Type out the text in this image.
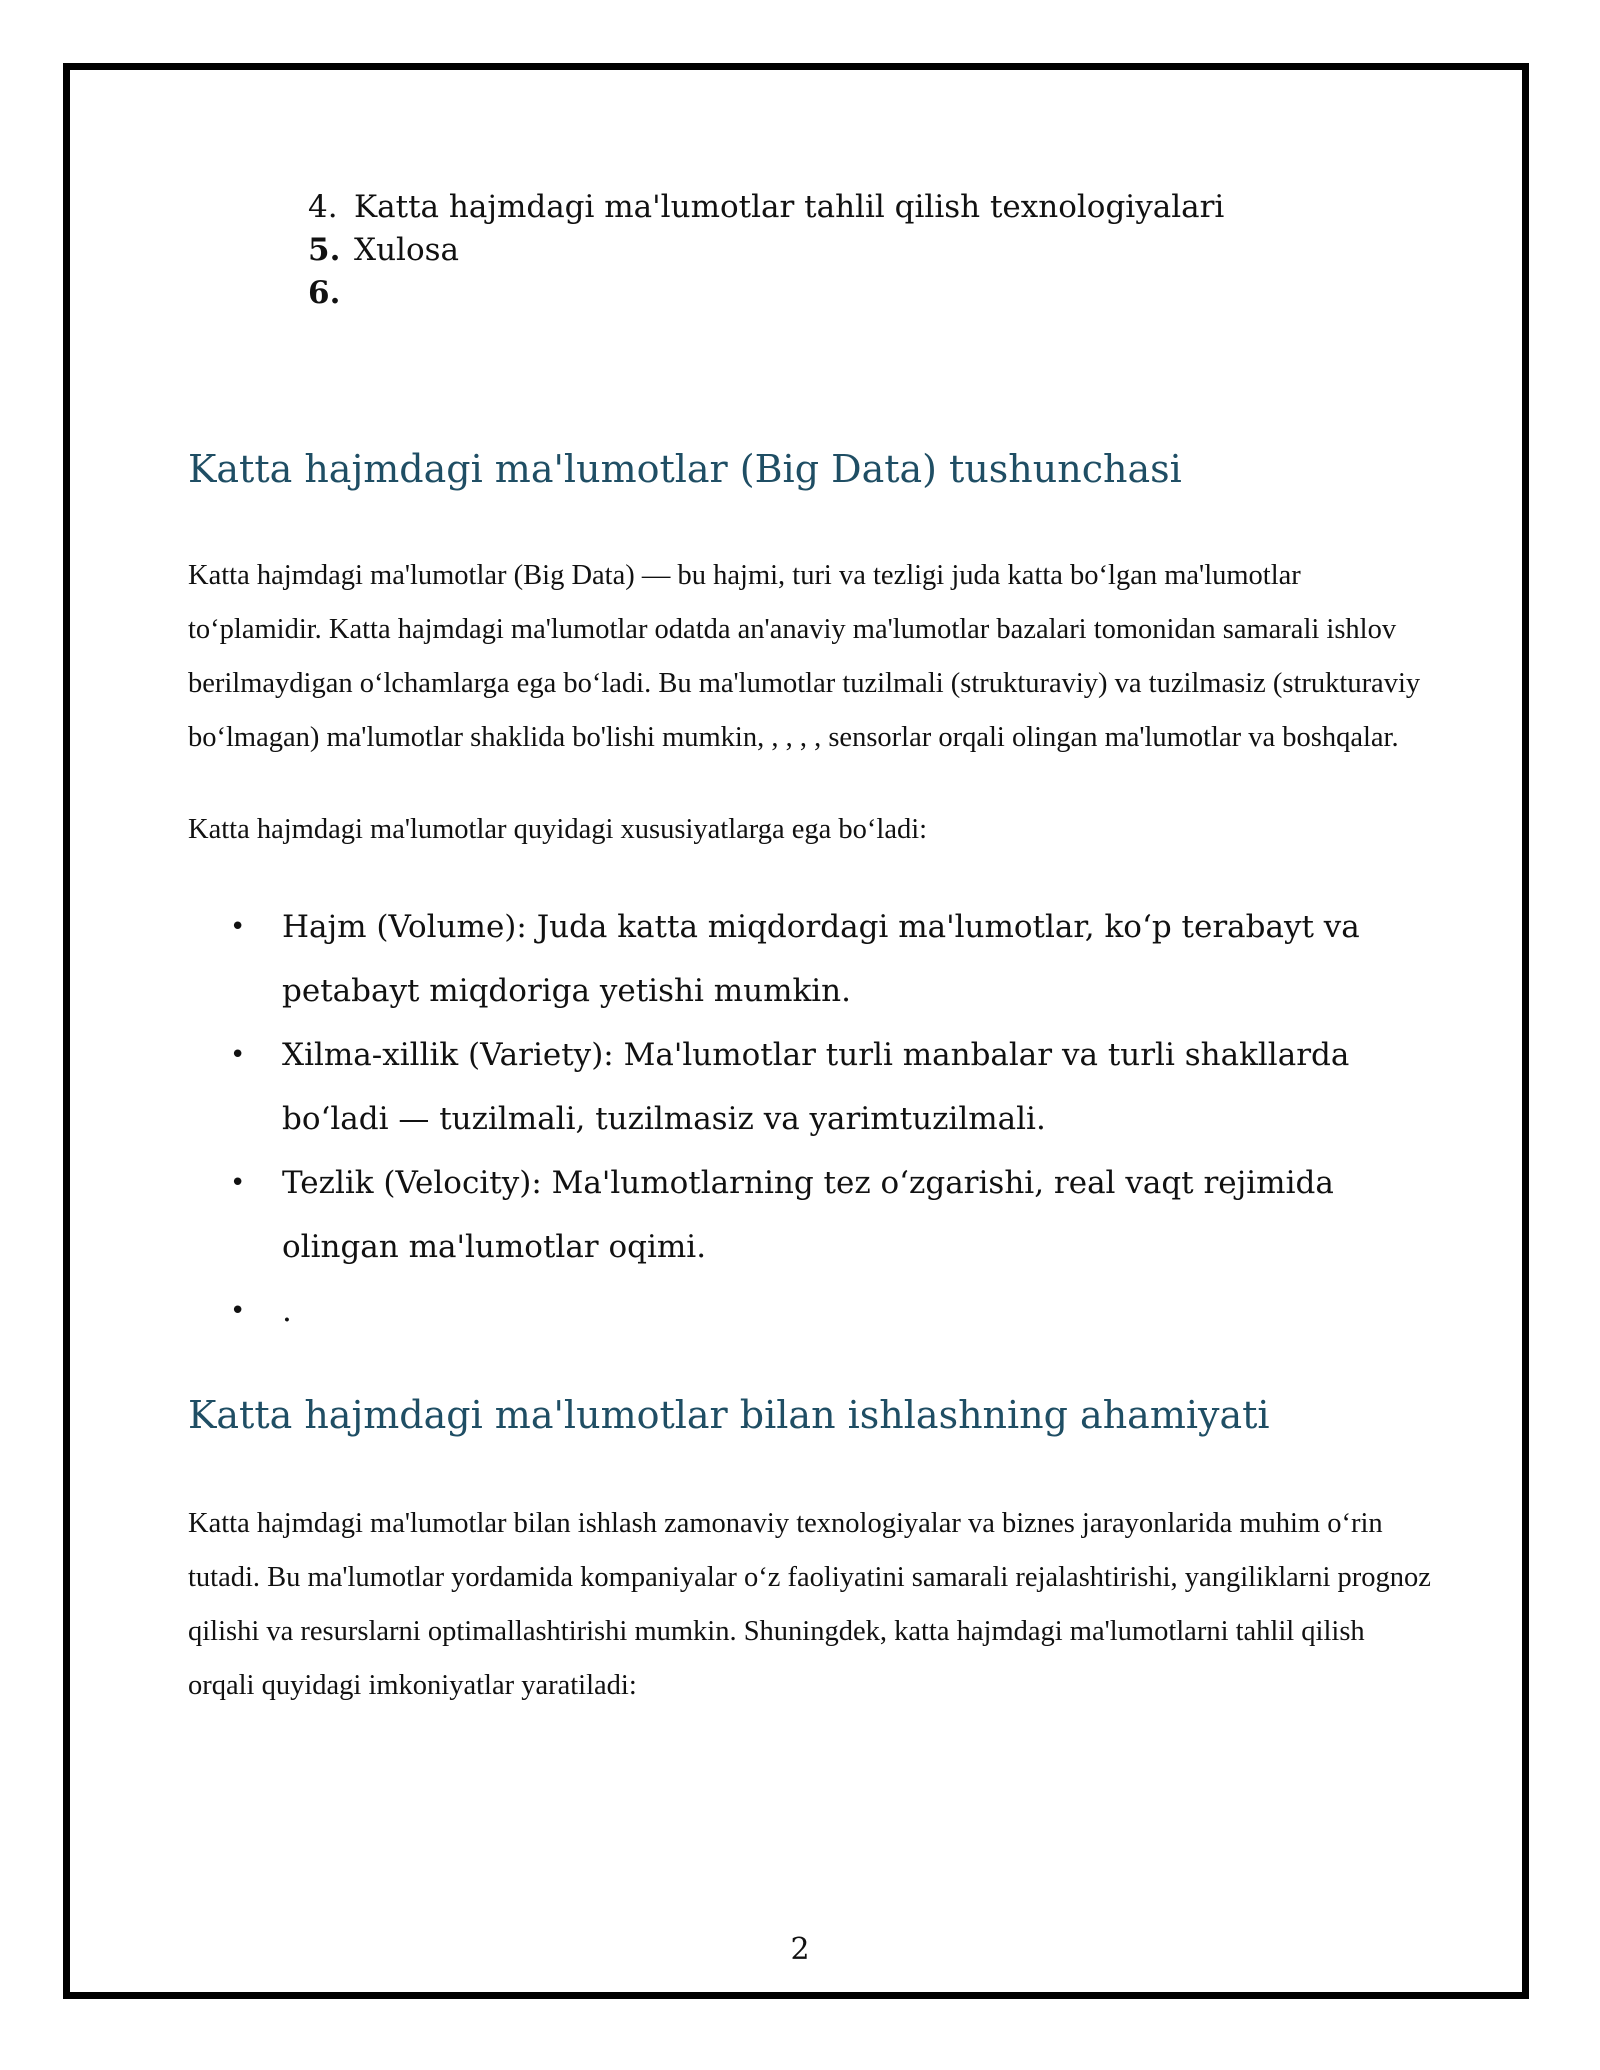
4. Katta hajmdagi ma'lumotlar tahlil qilish texnologiyalari
5. Xulosa
6.
Katta hajmdagi ma'lumotlar (Big Data) tushunchasi

Katta hajmdagi ma'lumotlar (Big Data) — bu hajmi, turi va tezligi juda katta bo‘lgan ma'lumotlar to‘plamidir. Katta hajmdagi ma'lumotlar odatda an'anaviy ma'lumotlar bazalari tomonidan samarali ishlov berilmaydigan o‘lchamlarga ega bo‘ladi. Bu ma'lumotlar tuzilmali (strukturaviy) va tuzilmasiz (strukturaviy bo‘lmagan) ma'lumotlar shaklida bo'lishi mumkin, , , , , sensorlar orqali olingan ma'lumotlar va boshqalar.

Katta hajmdagi ma'lumotlar quyidagi xususiyatlarga ega bo‘ladi:

•	Hajm (Volume): Juda katta miqdordagi ma'lumotlar, ko‘p terabayt va petabayt miqdoriga yetishi mumkin.
•	Xilma-xillik (Variety): Ma'lumotlar turli manbalar va turli shakllarda bo‘ladi — tuzilmali, tuzilmasiz va yarimtuzilmali.
•	Tezlik (Velocity): Ma'lumotlarning tez o‘zgarishi, real vaqt rejimida olingan ma'lumotlar oqimi.
•	.
Katta hajmdagi ma'lumotlar bilan ishlashning ahamiyati

Katta hajmdagi ma'lumotlar bilan ishlash zamonaviy texnologiyalar va biznes jarayonlarida muhim o‘rin tutadi. Bu ma'lumotlar yordamida kompaniyalar o‘z faoliyatini samarali rejalashtirishi, yangiliklarni prognoz qilishi va resurslarni optimallashtirishi mumkin. Shuningdek, katta hajmdagi ma'lumotlarni tahlil qilish orqali quyidagi imkoniyatlar yaratiladi:

2
